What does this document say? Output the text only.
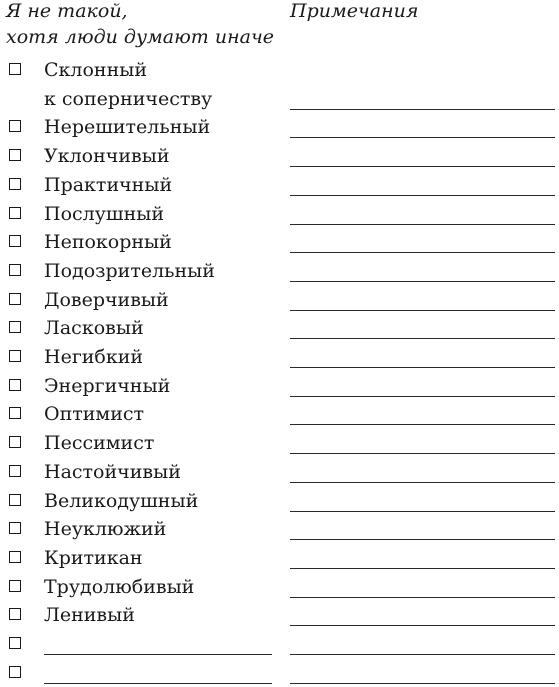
Я не такой,
хотя люди думают иначе
Примечания
Склонный
к соперничеству
Нерешительный
Уклончивый
Практичный
Послушный
Непокорный
Подозрительный
Доверчивый
Ласковый
Негибкий
Энергичный
Оптимист
Пессимист
Настойчивый
Великодушный
Неуклюжий
Критикан
Трудолюбивый
Ленивый
